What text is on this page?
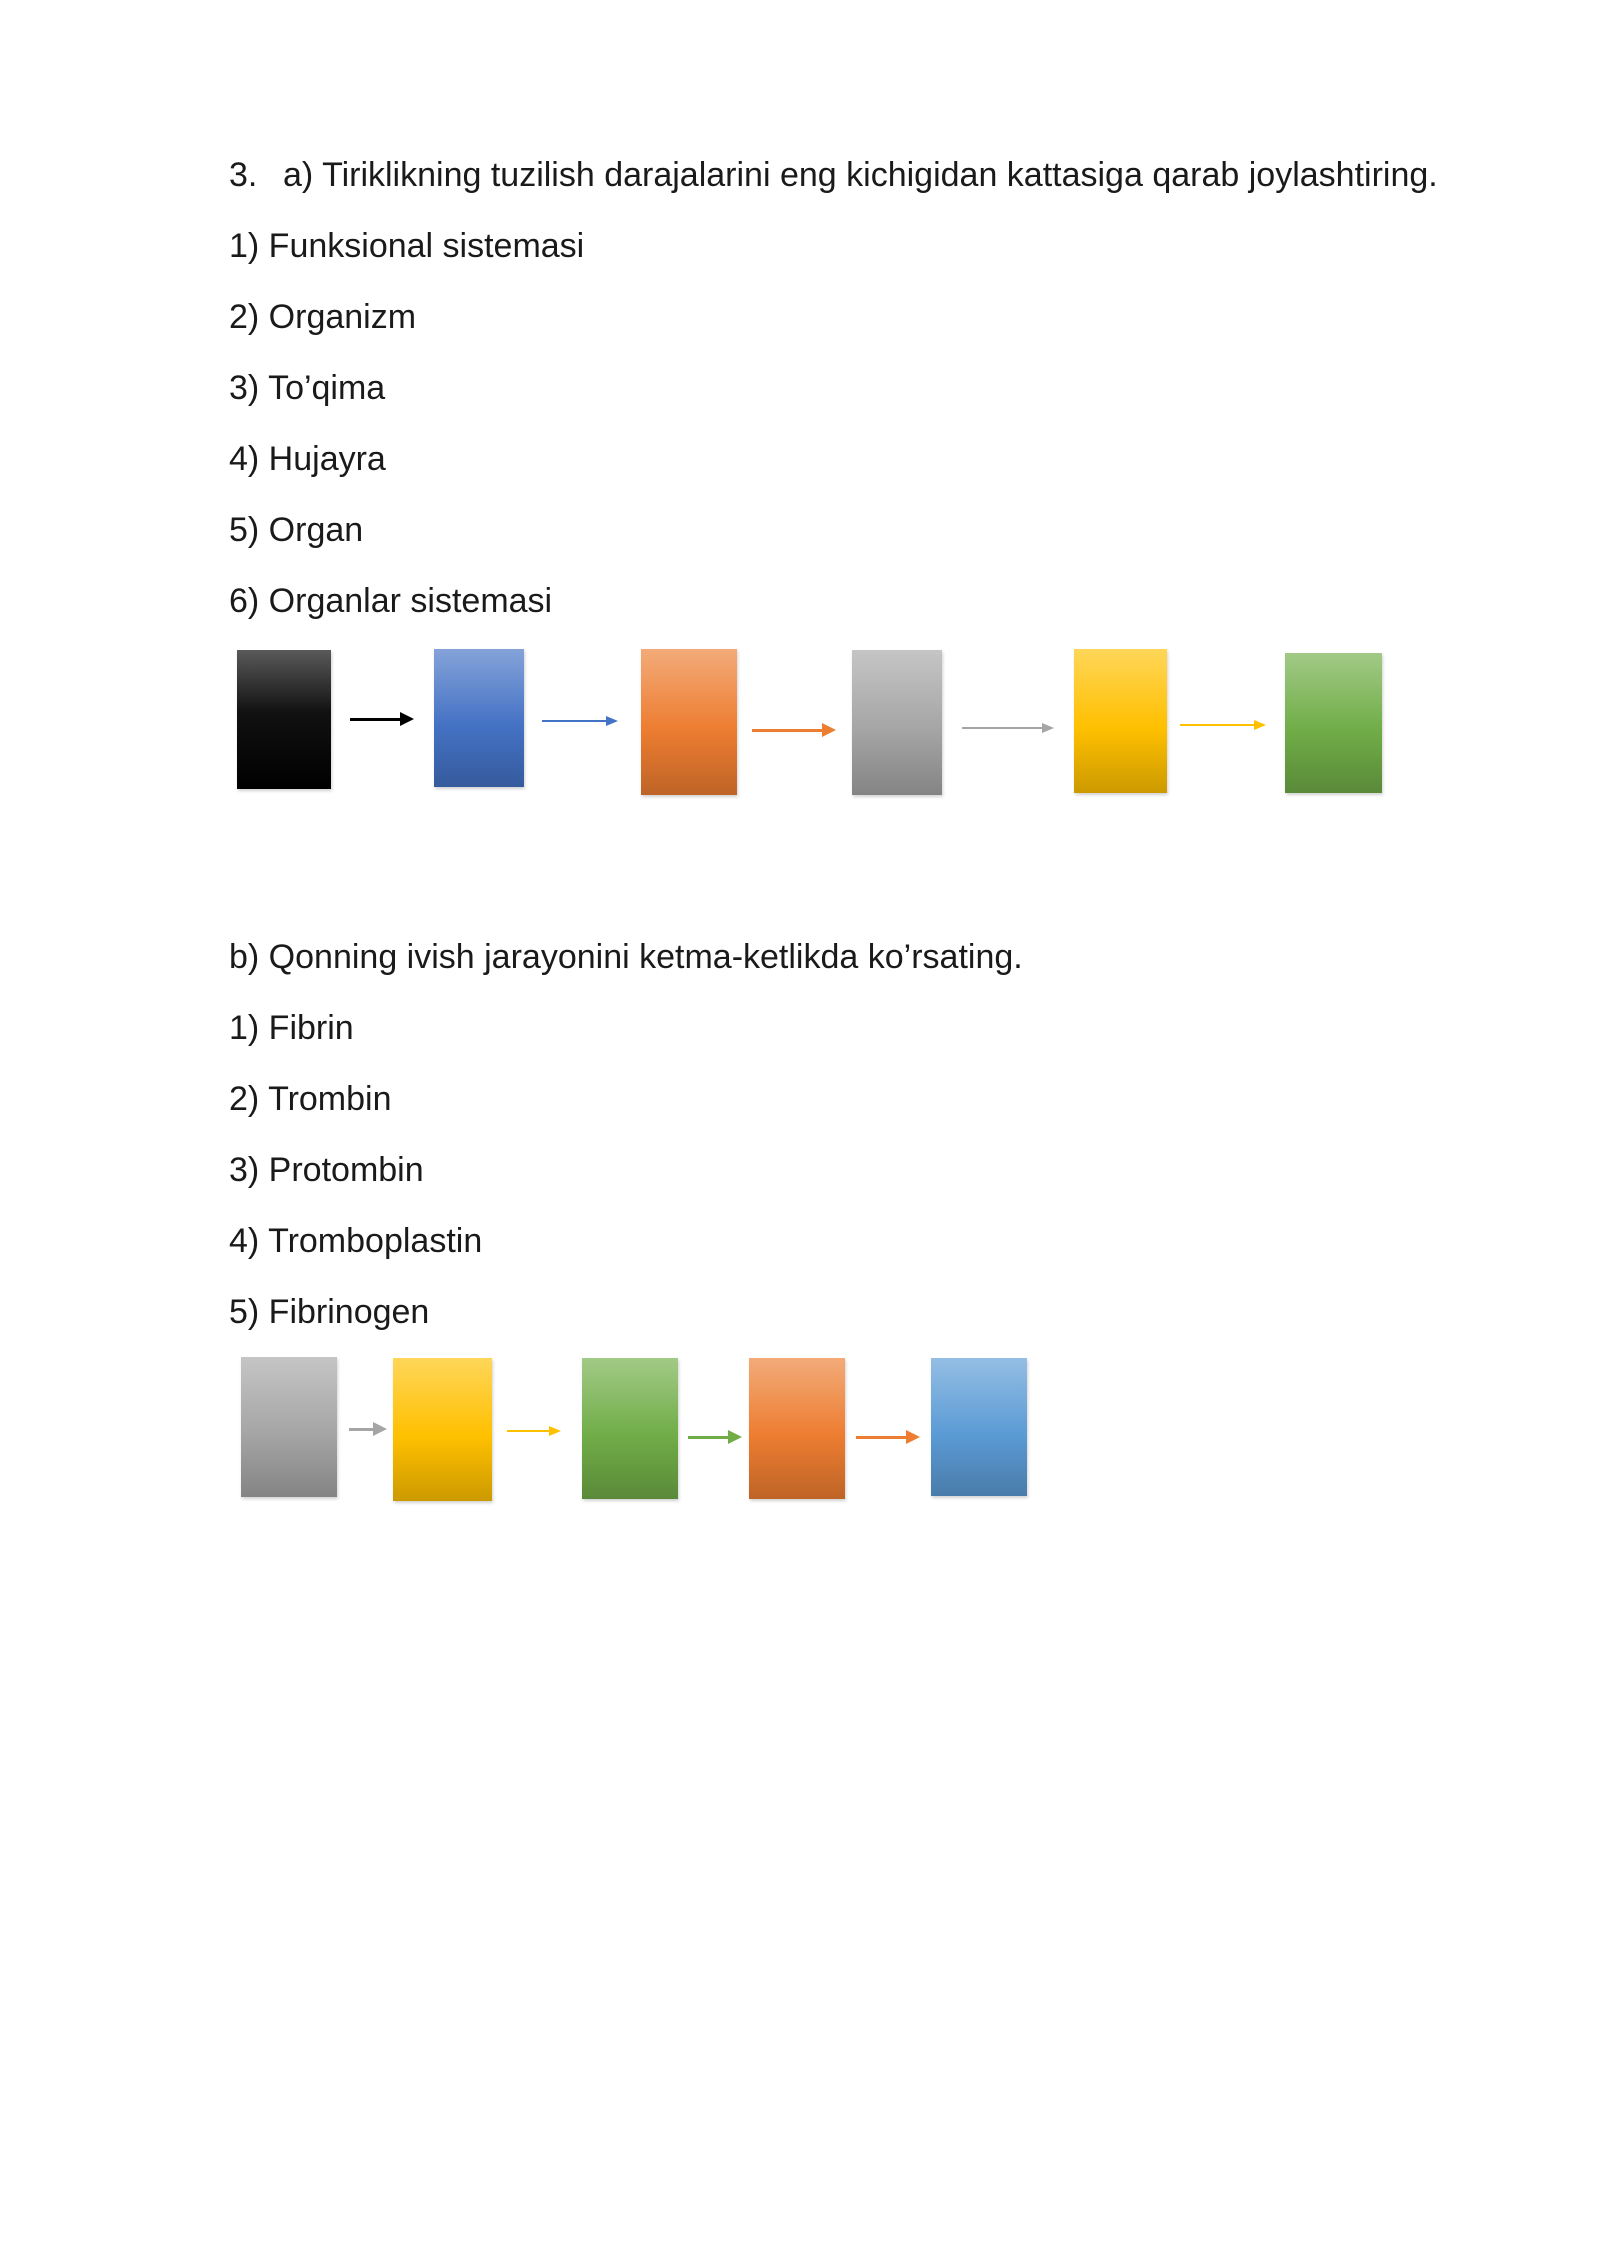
3. a) Tiriklikning tuzilish darajalarini eng kichigidan kattasiga qarab joylashtiring.
1) Funksional sistemasi
2) Organizm
3) To’qima
4) Hujayra
5) Organ
6) Organlar sistemasi
b) Qonning ivish jarayonini ketma-ketlikda ko’rsating.
1) Fibrin
2) Trombin
3) Protombin
4) Tromboplastin
5) Fibrinogen
